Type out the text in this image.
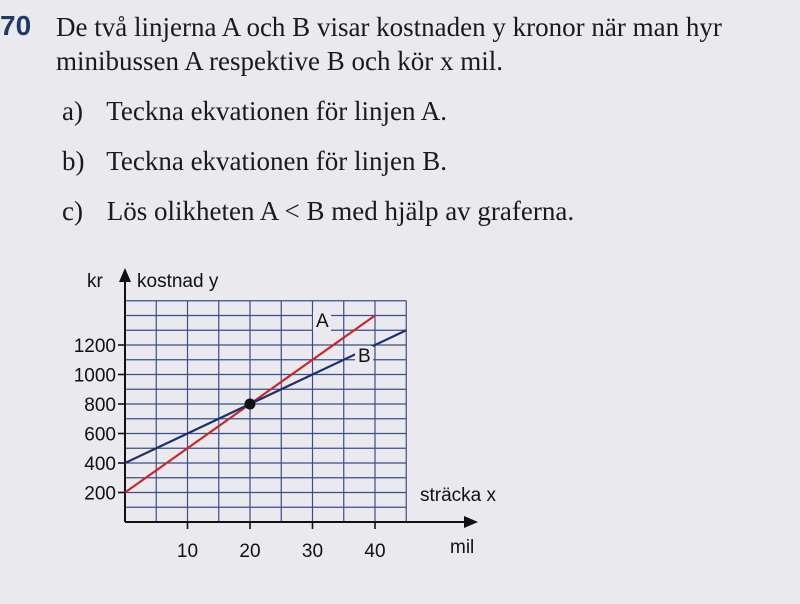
70 De två linjerna A och B visar kostnaden y kronor när man hyr
minibussen A respektive B och kör x mil.
a) Teckna ekvationen för linjen A.
b) Teckna ekvationen för linjen B.
c) Lös olikheten A < B med hjälp av graferna.
200
400
600
800
1000
1200
10 20 30 40
kr kostnad y
sträcka x
mil
A
B
